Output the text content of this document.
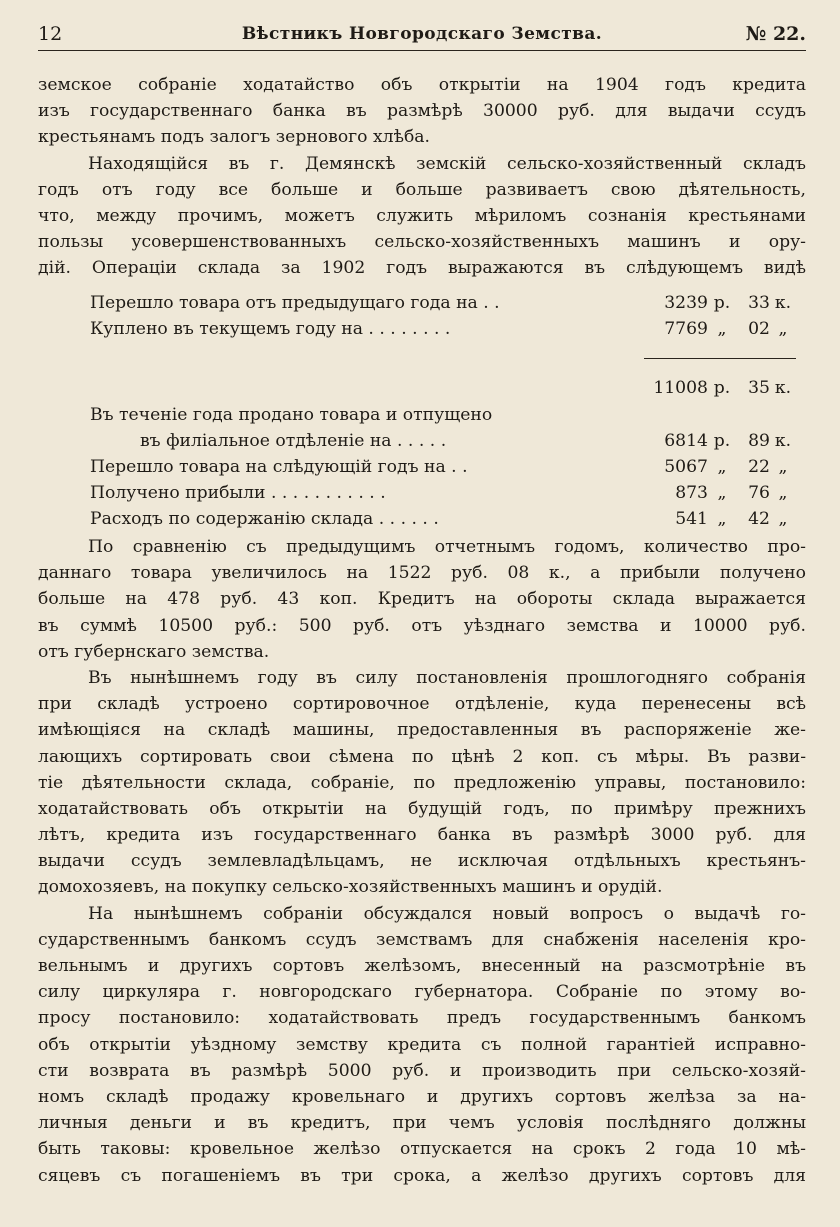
12	Вѣстникъ Новгородскаго Земства.	№ 22.
земское собраніе ходатайство объ открытіи на 1904 годъ кредита
изъ государственнаго банка въ размѣрѣ 30000 руб. для выдачи ссудъ
крестьянамъ подъ залогъ зернового хлѣба.
Находящійся въ г. Демянскѣ земскій сельско-хозяйственный складъ
годъ отъ году все больше и больше развиваетъ свою дѣятельность,
что, между прочимъ, можетъ служить мѣриломъ сознанія крестьянами
пользы усовершенствованныхъ сельско-хозяйственныхъ машинъ и ору-
дій. Операціи склада за 1902 годъ выражаются въ слѣдующемъ видѣ
Перешло товара отъ предыдущаго года на . .	3239	р.	33	к.
Куплено въ текущемъ году на . . . . . . . .	7769	„	02	„

	11008	р.	35	к.
Въ теченіе года продано товара и отпущено				
въ филіальное отдѣленіе на . . . . .	6814	р.	89	к.
Перешло товара на слѣдующій годъ на . .	5067	„	22	„
Получено прибыли . . . . . . . . . . .	873	„	76	„
Расходъ по содержанію склада . . . . . .	541	„	42	„
По сравненію съ предыдущимъ отчетнымъ годомъ, количество про-
даннаго товара увеличилось на 1522 руб. 08 к., а прибыли получено
больше на 478 руб. 43 коп. Кредитъ на обороты склада выражается
въ суммѣ 10500 руб.: 500 руб. отъ уѣзднаго земства и 10000 руб.
отъ губернскаго земства.
Въ нынѣшнемъ году въ силу постановленія прошлогодняго собранія
при складѣ устроено сортировочное отдѣленіе, куда перенесены всѣ
имѣющіяся на складѣ машины, предоставленныя въ распоряженіе же-
лающихъ сортировать свои сѣмена по цѣнѣ 2 коп. съ мѣры. Въ разви-
тіе дѣятельности склада, собраніе, по предложенію управы, постановило:
ходатайствовать объ открытіи на будущій годъ, по примѣру прежнихъ
лѣтъ, кредита изъ государственнаго банка въ размѣрѣ 3000 руб. для
выдачи ссудъ землевладѣльцамъ, не исключая отдѣльныхъ крестьянъ-
домохозяевъ, на покупку сельско-хозяйственныхъ машинъ и орудій.
На нынѣшнемъ собраніи обсуждался новый вопросъ о выдачѣ го-
сударственнымъ банкомъ ссудъ земствамъ для снабженія населенія кро-
вельнымъ и другихъ сортовъ желѣзомъ, внесенный на разсмотрѣніе въ
силу циркуляра г. новгородскаго губернатора. Собраніе по этому во-
просу постановило: ходатайствовать предъ государственнымъ банкомъ
объ открытіи уѣздному земству кредита съ полной гарантіей исправно-
сти возврата въ размѣрѣ 5000 руб. и производить при сельско-хозяй-
номъ складѣ продажу кровельнаго и другихъ сортовъ желѣза за на-
личныя деньги и въ кредитъ, при чемъ условія послѣдняго должны
быть таковы: кровельное желѣзо отпускается на срокъ 2 года 10 мѣ-
сяцевъ съ погашеніемъ въ три срока, а желѣзо другихъ сортовъ для
